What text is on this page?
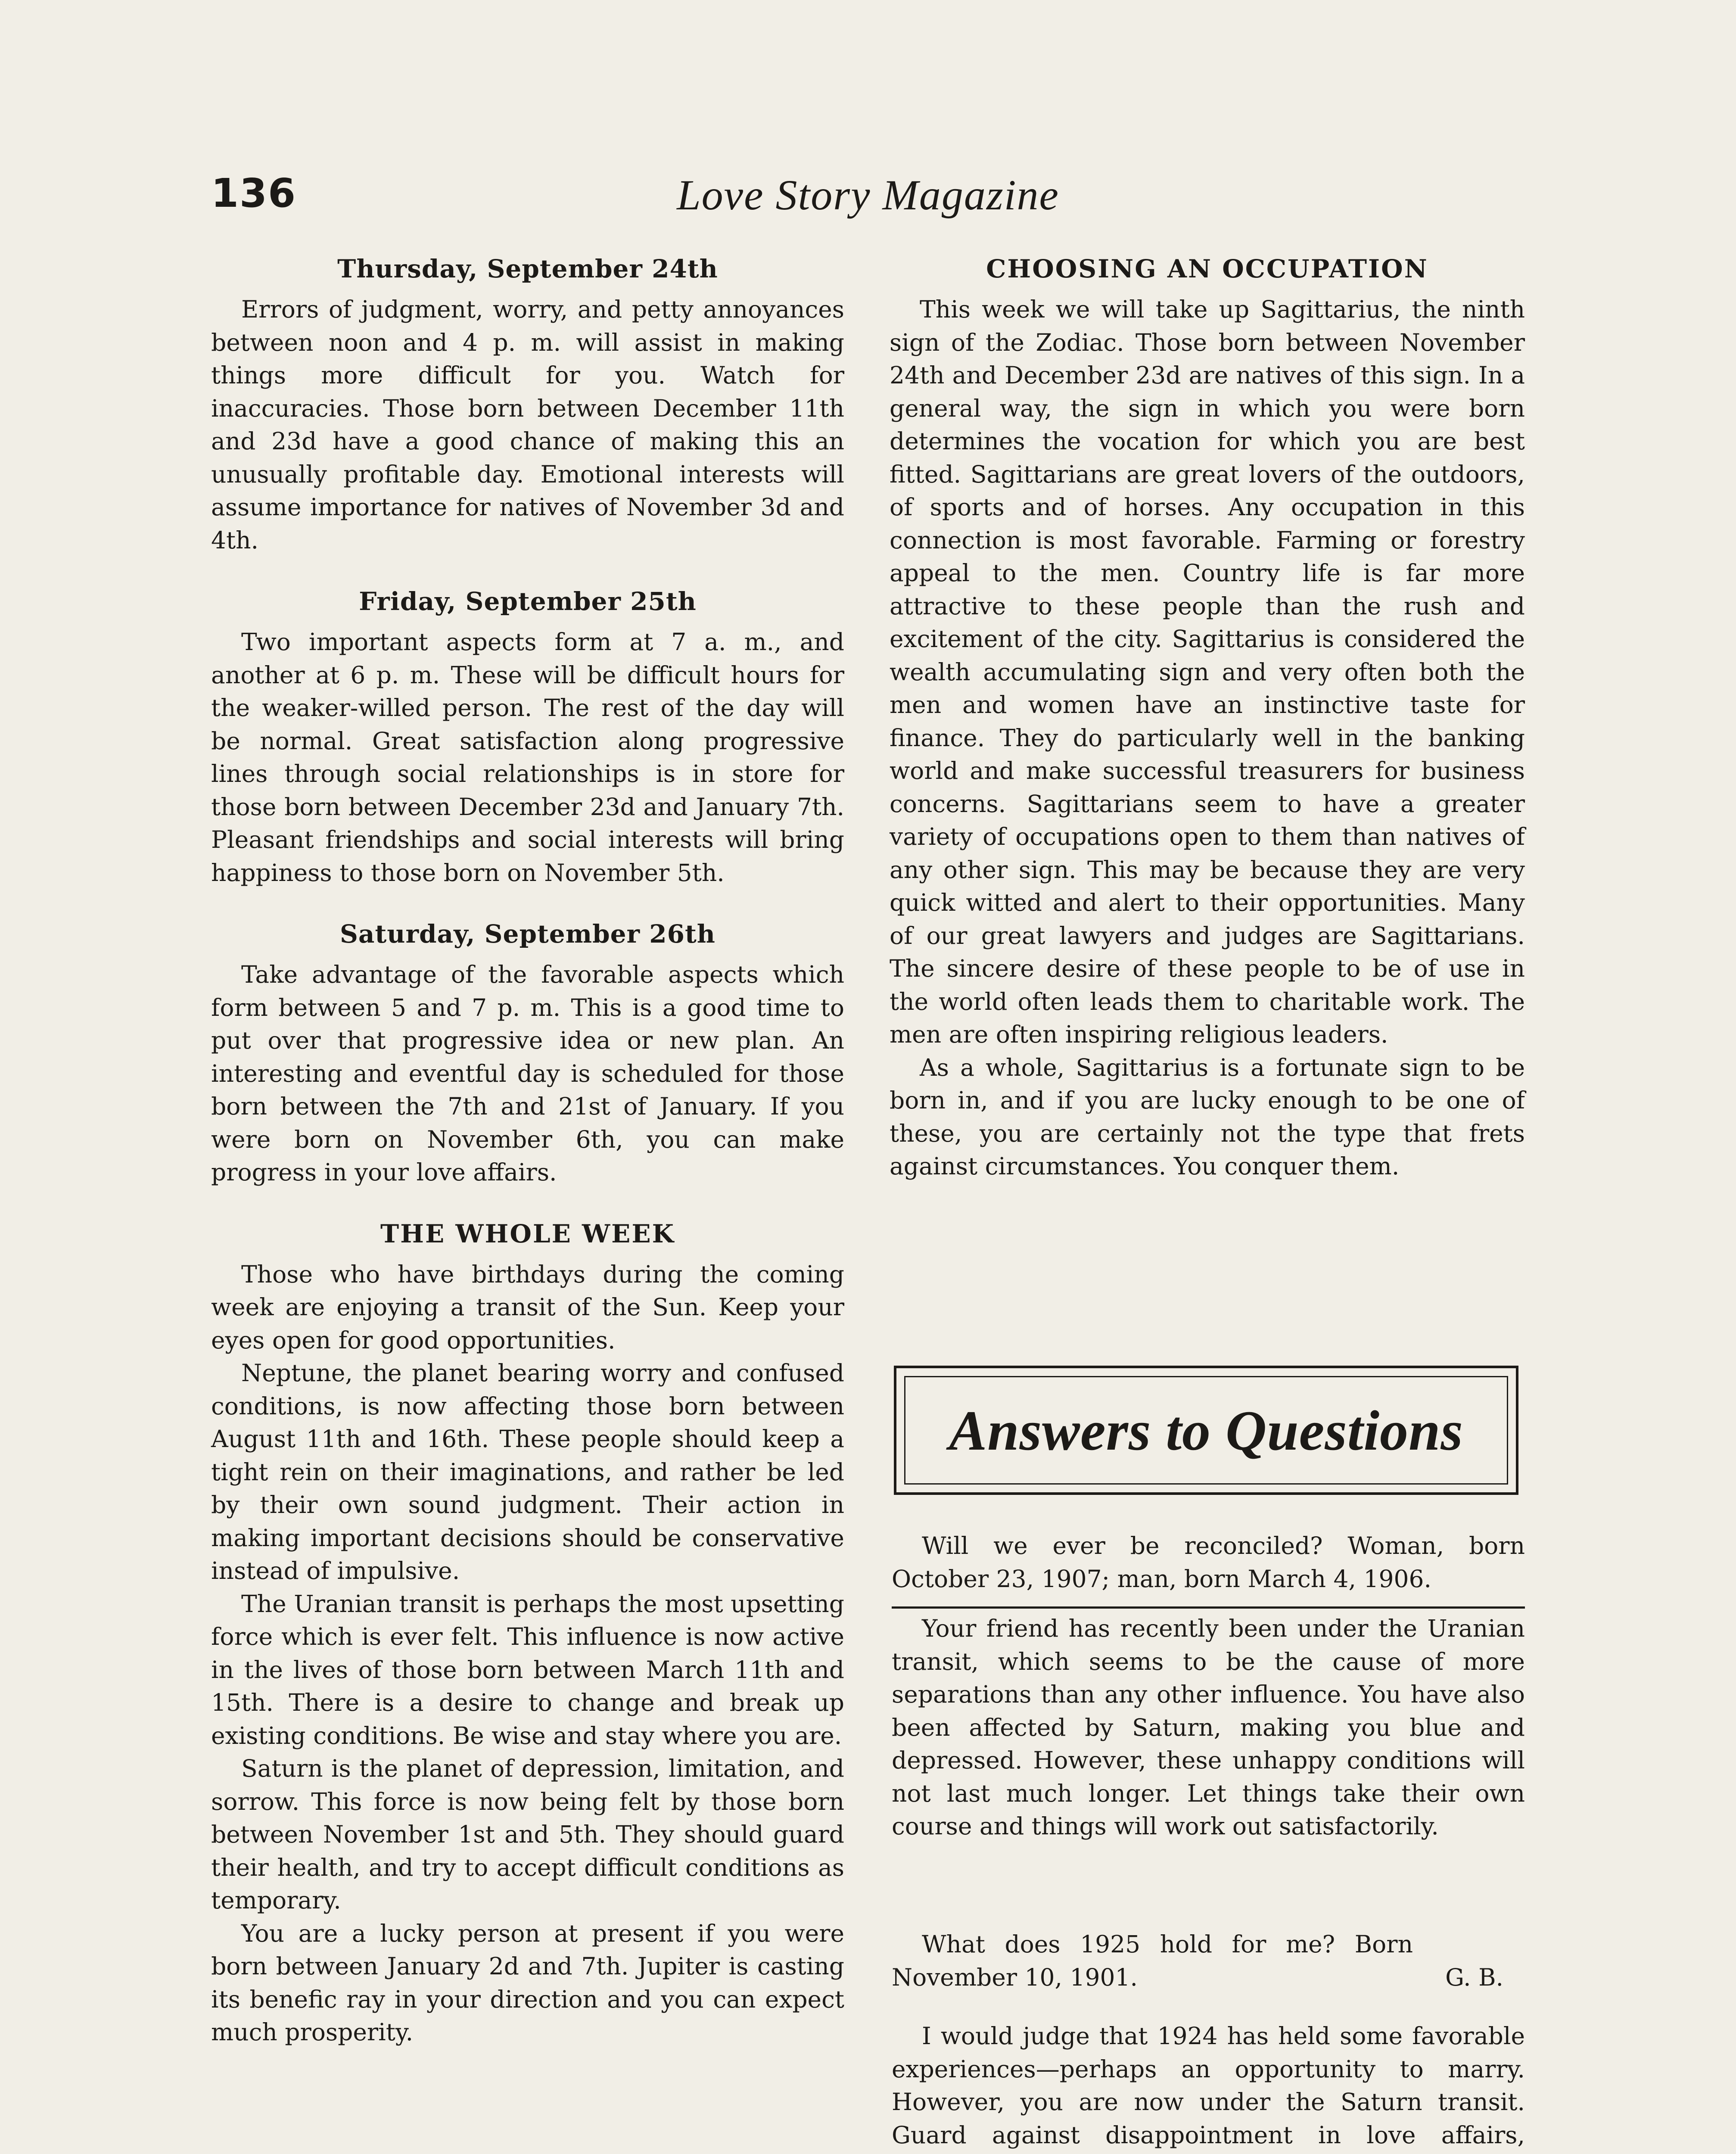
136	Love Story Magazine
Thursday, September 24th

Errors of judgment, worry, and petty annoyances between noon and 4 p. m. will assist in making things more difficult for you. Watch for inaccuracies. Those born between December 11th and 23d have a good chance of making this an unusually profitable day. Emotional interests will assume importance for natives of November 3d and 4th.

Friday, September 25th

Two important aspects form at 7 a. m., and another at 6 p. m. These will be difficult hours for the weaker-willed person. The rest of the day will be normal. Great satisfaction along progressive lines through social relationships is in store for those born between December 23d and January 7th. Pleasant friendships and social interests will bring happiness to those born on November 5th.

Saturday, September 26th

Take advantage of the favorable aspects which form between 5 and 7 p. m. This is a good time to put over that progressive idea or new plan. An interesting and eventful day is scheduled for those born between the 7th and 21st of January. If you were born on November 6th, you can make progress in your love affairs.

THE WHOLE WEEK

Those who have birthdays during the coming week are enjoying a transit of the Sun. Keep your eyes open for good opportunities.

Neptune, the planet bearing worry and confused conditions, is now affecting those born between August 11th and 16th. These people should keep a tight rein on their imaginations, and rather be led by their own sound judgment. Their action in making important decisions should be conservative instead of impulsive.

The Uranian transit is perhaps the most upsetting force which is ever felt. This influence is now active in the lives of those born between March 11th and 15th. There is a desire to change and break up existing conditions. Be wise and stay where you are.

Saturn is the planet of depression, limitation, and sorrow. This force is now being felt by those born between November 1st and 5th. They should guard their health, and try to accept difficult conditions as temporary.

You are a lucky person at present if you were born between January 2d and 7th. Jupiter is casting its benefic ray in your direction and you can expect much prosperity.

CHOOSING AN OCCUPATION

This week we will take up Sagittarius, the ninth sign of the Zodiac. Those born between November 24th and December 23d are natives of this sign. In a general way, the sign in which you were born determines the vocation for which you are best fitted. Sagittarians are great lovers of the outdoors, of sports and of horses. Any occupation in this connection is most favorable. Farming or forestry appeal to the men. Country life is far more attractive to these people than the rush and excitement of the city. Sagittarius is considered the wealth accumulating sign and very often both the men and women have an instinctive taste for finance. They do particularly well in the banking world and make successful treasurers for business concerns. Sagittarians seem to have a greater variety of occupations open to them than natives of any other sign. This may be because they are very quick witted and alert to their opportunities. Many of our great lawyers and judges are Sagittarians. The sincere desire of these people to be of use in the world often leads them to charitable work. The men are often inspiring religious leaders.

As a whole, Sagittarius is a fortunate sign to be born in, and if you are lucky enough to be one of these, you are certainly not the type that frets against circumstances. You conquer them.

Answers to Questions

Will we ever be reconciled? Woman, born October 23, 1907; man, born March 4, 1906.

Your friend has recently been under the Uranian transit, which seems to be the cause of more separations than any other influence. You have also been affected by Saturn, making you blue and depressed. However, these unhappy conditions will not last much longer. Let things take their own course and things will work out satisfactorily.

What does 1925 hold for me? Born November 10, 1901.	G. B.

I would judge that 1924 has held some favorable experiences—perhaps an opportunity to marry. However, you are now under the Saturn transit. Guard against disappointment in love affairs,
